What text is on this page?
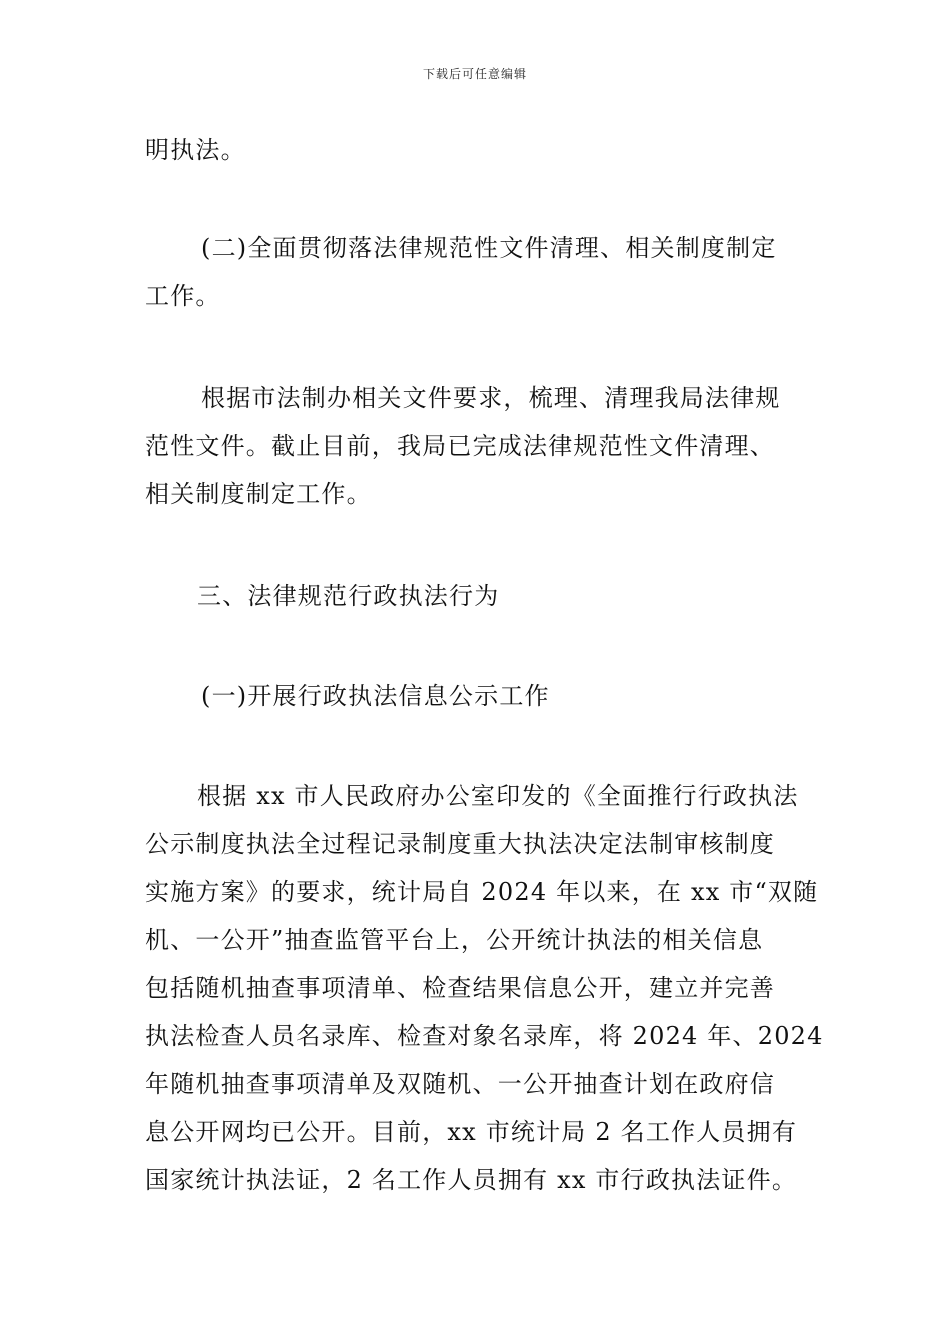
下载后可任意编辑
明执法。
(二)全面贯彻落法律规范性文件清理、相关制度制定
工作。
根据市法制办相关文件要求，梳理、清理我局法律规
范性文件。截止目前，我局已完成法律规范性文件清理、
相关制度制定工作。
三、法律规范行政执法行为
(一)开展行政执法信息公示工作
根据 xx 市人民政府办公室印发的《全面推行行政执法
公示制度执法全过程记录制度重大执法决定法制审核制度
实施方案》的要求，统计局自 2024 年以来，在 xx 市“双随
机、一公开”抽查监管平台上，公开统计执法的相关信息
包括随机抽查事项清单、检查结果信息公开，建立并完善
执法检查人员名录库、检查对象名录库，将 2024 年、2024
年随机抽查事项清单及双随机、一公开抽查计划在政府信
息公开网均已公开。目前，xx 市统计局 2 名工作人员拥有
国家统计执法证，2 名工作人员拥有 xx 市行政执法证件。
